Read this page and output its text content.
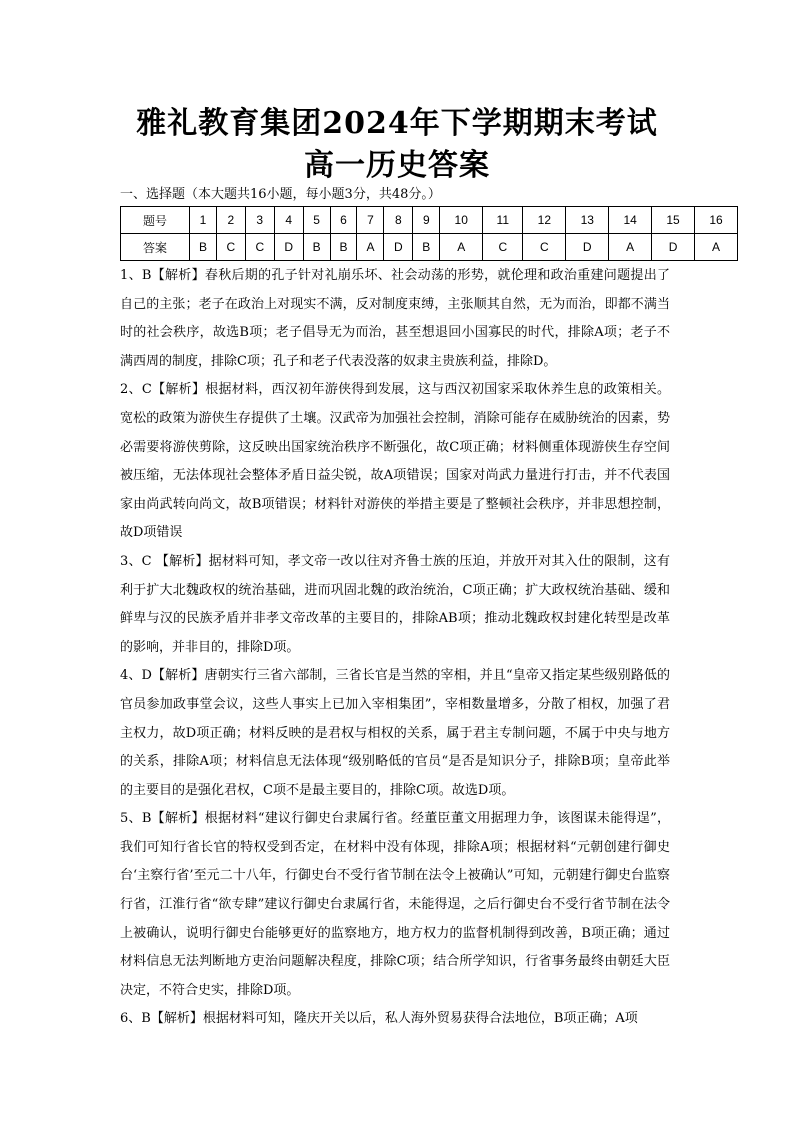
雅礼教育集团2024年下学期期末考试
高一历史答案

一、选择题（本大题共16小题，每小题3分，共48分。）

题号	1	2	3	4	5	6	7	8	9	10	11	12	13	14	15	16
答案	B	C	C	D	B	B	A	D	B	A	C	C	D	A	D	A

1、B【解析】春秋后期的孔子针对礼崩乐坏、社会动荡的形势，就伦理和政治重建问题提出了自己的主张；老子在政治上对现实不满，反对制度束缚，主张顺其自然，无为而治，即都不满当时的社会秩序，故选B项；老子倡导无为而治，甚至想退回小国寡民的时代，排除A项；老子不满西周的制度，排除C项；孔子和老子代表没落的奴隶主贵族利益，排除D。

2、C【解析】根据材料，西汉初年游侠得到发展，这与西汉初国家采取休养生息的政策相关。宽松的政策为游侠生存提供了土壤。汉武帝为加强社会控制，消除可能存在威胁统治的因素，势必需要将游侠剪除，这反映出国家统治秩序不断强化，故C项正确；材料侧重体现游侠生存空间被压缩，无法体现社会整体矛盾日益尖锐，故A项错误；国家对尚武力量进行打击，并不代表国家由尚武转向尚文，故B项错误；材料针对游侠的举措主要是了整顿社会秩序，并非思想控制，故D项错误

3、C 【解析】据材料可知，孝文帝一改以往对齐鲁士族的压迫，并放开对其入仕的限制，这有利于扩大北魏政权的统治基础，进而巩固北魏的政治统治，C项正确；扩大政权统治基础、缓和鲜卑与汉的民族矛盾并非孝文帝改革的主要目的，排除AB项；推动北魏政权封建化转型是改革的影响，并非目的，排除D项。

4、D【解析】唐朝实行三省六部制，三省长官是当然的宰相，并且“皇帝又指定某些级别路低的官员参加政事堂会议，这些人事实上已加入宰相集团”，宰相数量增多，分散了相权，加强了君主权力，故D项正确；材料反映的是君权与相权的关系，属于君主专制问题，不属于中央与地方的关系，排除A项；材料信息无法体现“级别略低的官员“是否是知识分子，排除B项；皇帝此举的主要目的是强化君权，C项不是最主要目的，排除C项。故选D项。

5、B【解析】根据材料“建议行御史台隶属行省。经董臣董文用据理力争，该图谋未能得逞”，我们可知行省长官的特权受到否定，在材料中没有体现，排除A项；根据材料“元朝创建行御史台‘主察行省’至元二十八年，行御史台不受行省节制在法令上被确认”可知，元朝建行御史台监察行省，江淮行省“欲专肆”建议行御史台隶属行省，未能得逞，之后行御史台不受行省节制在法令上被确认，说明行御史台能够更好的监察地方，地方权力的监督机制得到改善，B项正确；通过材料信息无法判断地方吏治问题解决程度，排除C项；结合所学知识，行省事务最终由朝廷大臣决定，不符合史实，排除D项。

6、B【解析】根据材料可知，隆庆开关以后，私人海外贸易获得合法地位，B项正确；A项
